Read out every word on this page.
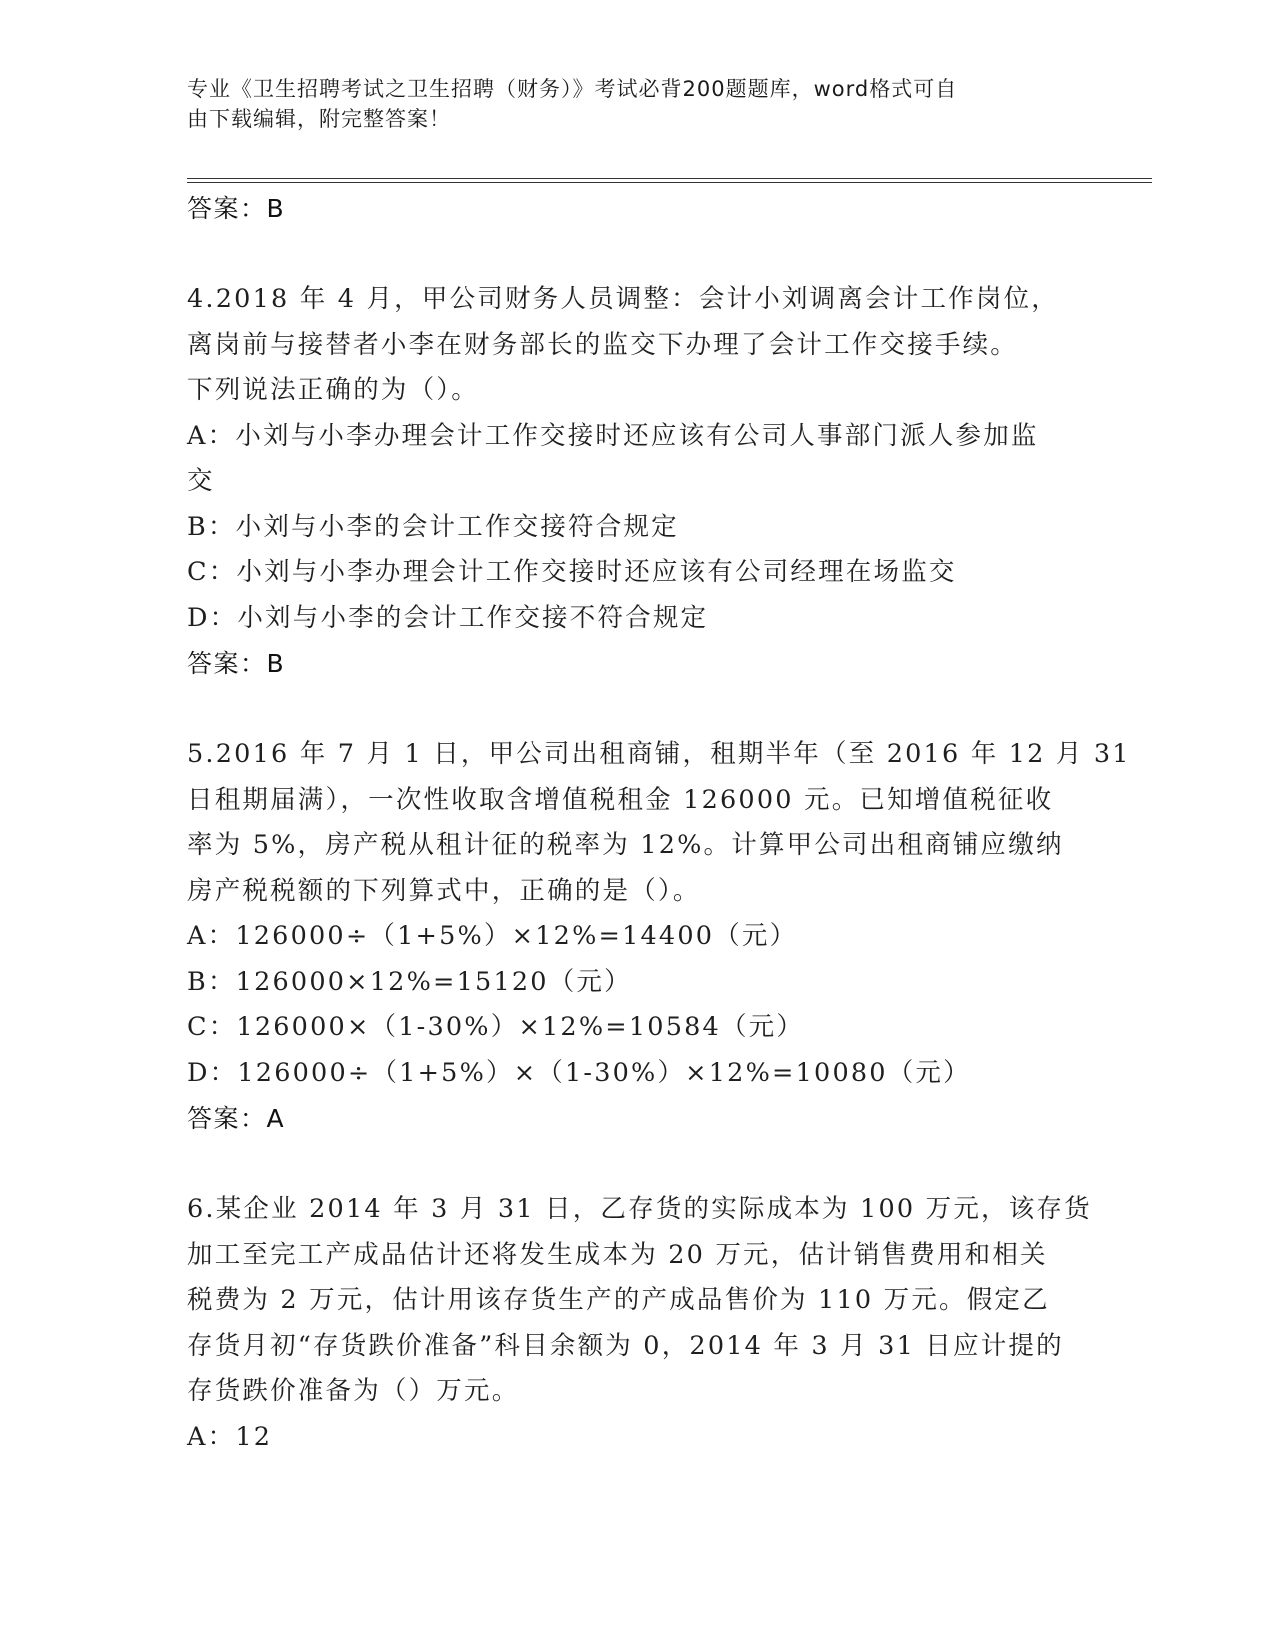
专业《卫生招聘考试之卫生招聘（财务）》考试必背200题题库，word格式可自
由下载编辑，附完整答案！
答案：B
4.2018 年 4 月，甲公司财务人员调整：会计小刘调离会计工作岗位，
离岗前与接替者小李在财务部长的监交下办理了会计工作交接手续。
下列说法正确的为（）。
A：小刘与小李办理会计工作交接时还应该有公司人事部门派人参加监
交
B：小刘与小李的会计工作交接符合规定
C：小刘与小李办理会计工作交接时还应该有公司经理在场监交
D：小刘与小李的会计工作交接不符合规定
答案：B
5.2016 年 7 月 1 日，甲公司出租商铺，租期半年（至 2016 年 12 月 31
日租期届满），一次性收取含增值税租金 126000 元。已知增值税征收
率为 5%，房产税从租计征的税率为 12%。计算甲公司出租商铺应缴纳
房产税税额的下列算式中，正确的是（）。
A：126000÷（1+5%）×12%=14400（元）
B：126000×12%=15120（元）
C：126000×（1-30%）×12%=10584（元）
D：126000÷（1+5%）×（1-30%）×12%=10080（元）
答案：A
6.某企业 2014 年 3 月 31 日，乙存货的实际成本为 100 万元，该存货
加工至完工产成品估计还将发生成本为 20 万元，估计销售费用和相关
税费为 2 万元，估计用该存货生产的产成品售价为 110 万元。假定乙
存货月初“存货跌价准备”科目余额为 0，2014 年 3 月 31 日应计提的
存货跌价准备为（）万元。
A：12
